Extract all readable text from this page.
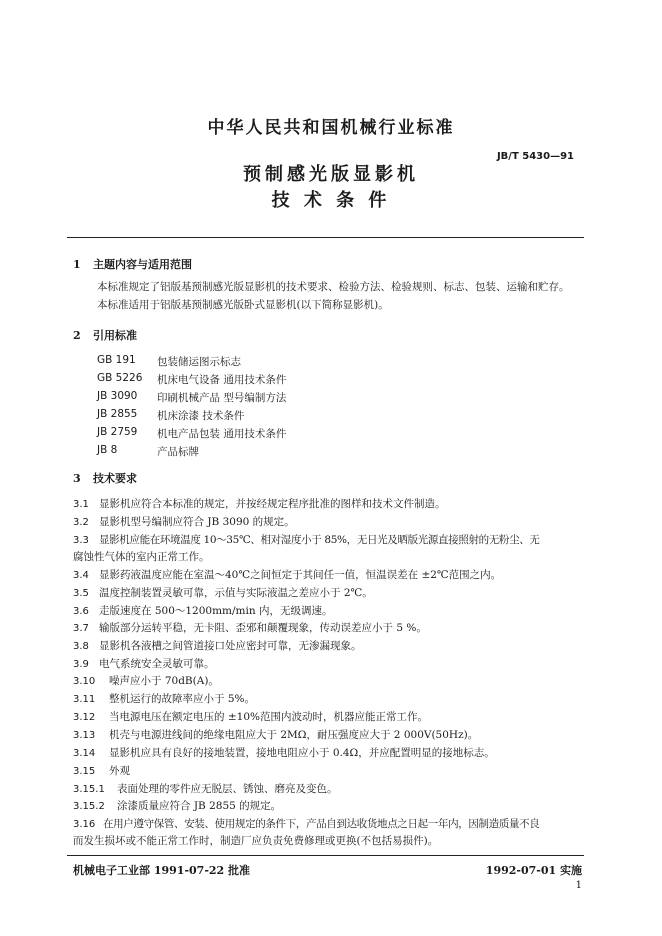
中华人民共和国机械行业标准
JB/T 5430—91
预制感光版显影机
技 术 条 件
1 主题内容与适用范围
本标准规定了铝版基预制感光版显影机的技术要求、检验方法、检验规则、标志、包装、运输和贮存。
本标准适用于铝版基预制感光版卧式显影机(以下简称显影机)。
2 引用标准
GB 191 包装储运图示标志
GB 5226 机床电气设备 通用技术条件
JB 3090 印刷机械产品 型号编制方法
JB 2855 机床涂漆 技术条件
JB 2759 机电产品包装 通用技术条件
JB 8	产品标牌
3 技术要求
3.1 显影机应符合本标准的规定，并按经规定程序批准的图样和技术文件制造。
3.2 显影机型号编制应符合 JB 3090 的规定。
3.3 显影机应能在环境温度 10～35℃、相对湿度小于 85%，无日光及晒版光源直接照射的无粉尘、无
腐蚀性气体的室内正常工作。
3.4 显影药液温度应能在室温～40℃之间恒定于其间任一值，恒温误差在 ±2℃范围之内。
3.5 温度控制装置灵敏可靠，示值与实际液温之差应小于 2℃。
3.6 走版速度在 500～1200mm/min 内，无级调速。
3.7 输版部分运转平稳，无卡阻、歪邪和颠覆现象，传动误差应小于 5 %。
3.8 显影机各液槽之间管道接口处应密封可靠，无渗漏现象。
3.9 电气系统安全灵敏可靠。
3.10 噪声应小于 70dB(A)。
3.11 整机运行的故障率应小于 5%。
3.12 当电源电压在额定电压的 ±10%范围内波动时，机器应能正常工作。
3.13 机壳与电源进线间的绝缘电阻应大于 2MΩ，耐压强度应大于 2 000V(50Hz)。
3.14 显影机应具有良好的接地装置，接地电阻应小于 0.4Ω，并应配置明显的接地标志。
3.15 外观
3.15.1 表面处理的零件应无脱层、锈蚀、磨亮及变色。
3.15.2 涂漆质量应符合 JB 2855 的规定。
3.16 在用户遵守保管、安装、使用规定的条件下，产品自到达收货地点之日起一年内，因制造质量不良
而发生损坏或不能正常工作时，制造厂应负责免费修理或更换(不包括易损件)。
机械电子工业部 1991-07-22 批准	1992-07-01 实施
1
